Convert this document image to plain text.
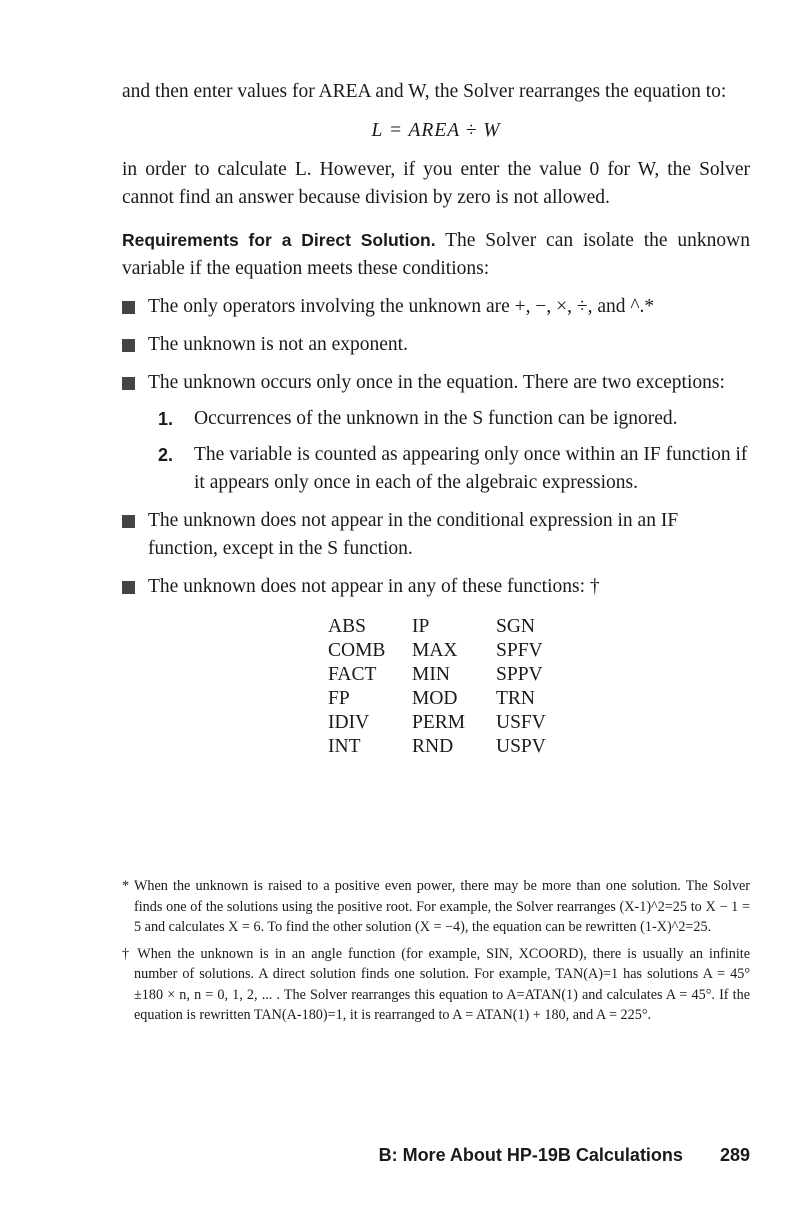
and then enter values for AREA and W, the Solver rearranges the equation to:

L = AREA ÷ W

in order to calculate L. However, if you enter the value 0 for W, the Solver cannot find an answer because division by zero is not allowed.

Requirements for a Direct Solution. The Solver can isolate the unknown variable if the equation meets these conditions:

The only operators involving the unknown are +, −, ×, ÷, and ^.*
The unknown is not an exponent.
The unknown occurs only once in the equation. There are two exceptions:
1. Occurrences of the unknown in the S function can be ignored.
2. The variable is counted as appearing only once within an IF function if it appears only once in each of the algebraic expressions.
The unknown does not appear in the conditional expression in an IF function, except in the S function.
The unknown does not appear in any of these functions: †
ABS	IP	SGN
COMB	MAX	SPFV
FACT	MIN	SPPV
FP	MOD	TRN
IDIV	PERM	USFV
INT	RND	USPV

* When the unknown is raised to a positive even power, there may be more than one solution. The Solver finds one of the solutions using the positive root. For example, the Solver rearranges (X-1)^2=25 to X − 1 = 5 and calculates X = 6. To find the other solution (X = −4), the equation can be rewritten (1-X)^2=25.

† When the unknown is in an angle function (for example, SIN, XCOORD), there is usually an infinite number of solutions. A direct solution finds one solution. For example, TAN(A)=1 has solutions A = 45° ±180 × n, n = 0, 1, 2, ... . The Solver rearranges this equation to A=ATAN(1) and calculates A = 45°. If the equation is rewritten TAN(A-180)=1, it is rearranged to A = ATAN(1) + 180, and A = 225°.

B: More About HP-19B Calculations 289
